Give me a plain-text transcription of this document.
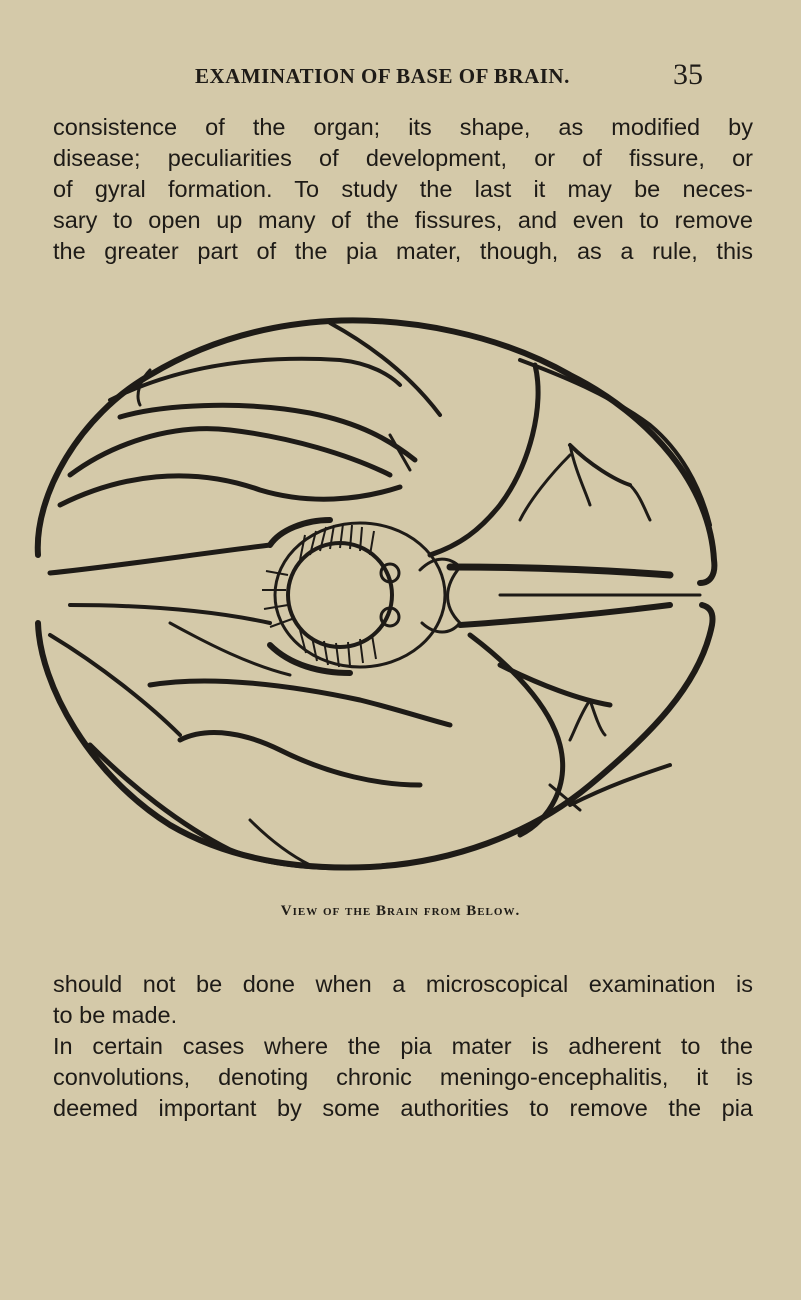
EXAMINATION OF BASE OF BRAIN.	35

consistence of the organ; its shape, as modified by
disease; peculiarities of development, or of fissure, or
of gyral formation. To study the last it may be neces-
sary to open up many of the fissures, and even to remove
the greater part of the pia mater, though, as a rule, this

View of the Brain from Below.

should not be done when a microscopical examination is
to be made.
In certain cases where the pia mater is adherent to the
convolutions, denoting chronic meningo-encephalitis, it is
deemed important by some authorities to remove the pia
